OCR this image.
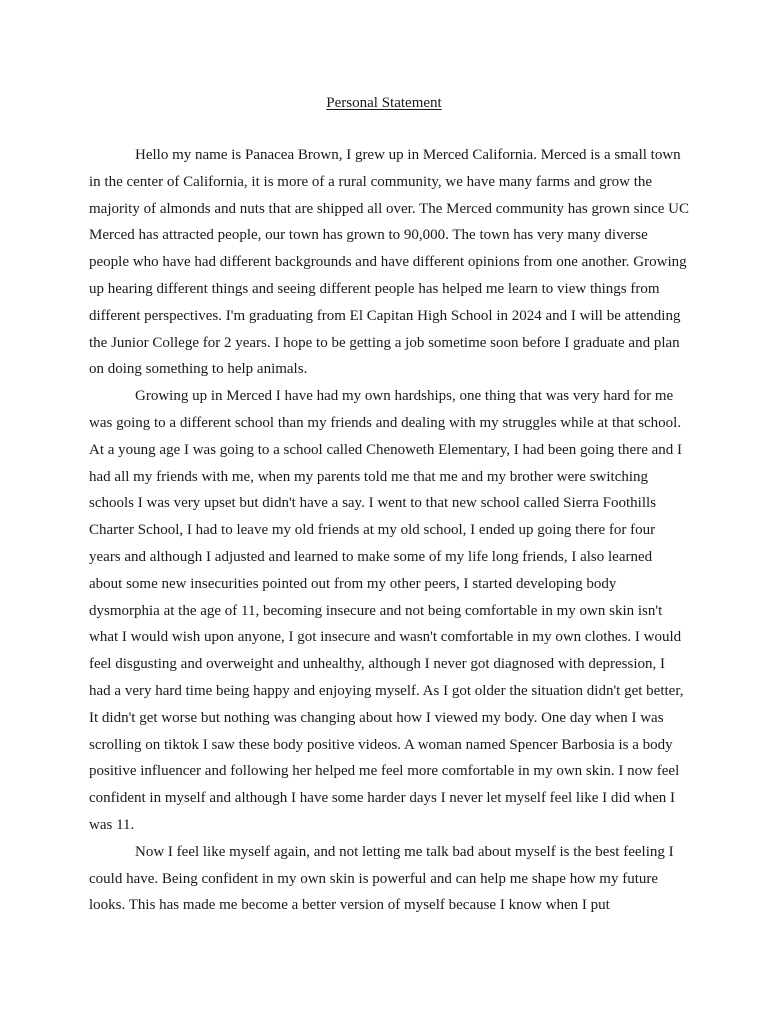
Personal Statement

Hello my name is Panacea Brown, I grew up in Merced California. Merced is a small town in the center of California, it is more of a rural community, we have many farms and grow the majority of almonds and nuts that are shipped all over. The Merced community has grown since UC Merced has attracted people, our town has grown to 90,000. The town has very many diverse people who have had different backgrounds and have different opinions from one another. Growing up hearing different things and seeing different people has helped me learn to view things from different perspectives. I'm graduating from El Capitan High School in 2024 and I will be attending the Junior College for 2 years. I hope to be getting a job sometime soon before I graduate and plan on doing something to help animals.

Growing up in Merced I have had my own hardships, one thing that was very hard for me was going to a different school than my friends and dealing with my struggles while at that school. At a young age I was going to a school called Chenoweth Elementary, I had been going there and I had all my friends with me, when my parents told me that me and my brother were switching schools I was very upset but didn't have a say. I went to that new school called Sierra Foothills Charter School, I had to leave my old friends at my old school, I ended up going there for four years and although I adjusted and learned to make some of my life long friends, I also learned about some new insecurities pointed out from my other peers, I started developing body dysmorphia at the age of 11, becoming insecure and not being comfortable in my own skin isn't what I would wish upon anyone, I got insecure and wasn't comfortable in my own clothes. I would feel disgusting and overweight and unhealthy, although I never got diagnosed with depression, I had a very hard time being happy and enjoying myself. As I got older the situation didn't get better, It didn't get worse but nothing was changing about how I viewed my body. One day when I was scrolling on tiktok I saw these body positive videos. A woman named Spencer Barbosia is a body positive influencer and following her helped me feel more comfortable in my own skin. I now feel confident in myself and although I have some harder days I never let myself feel like I did when I was 11.

Now I feel like myself again, and not letting me talk bad about myself is the best feeling I could have. Being confident in my own skin is powerful and can help me shape how my future looks. This has made me become a better version of myself because I know when I put
